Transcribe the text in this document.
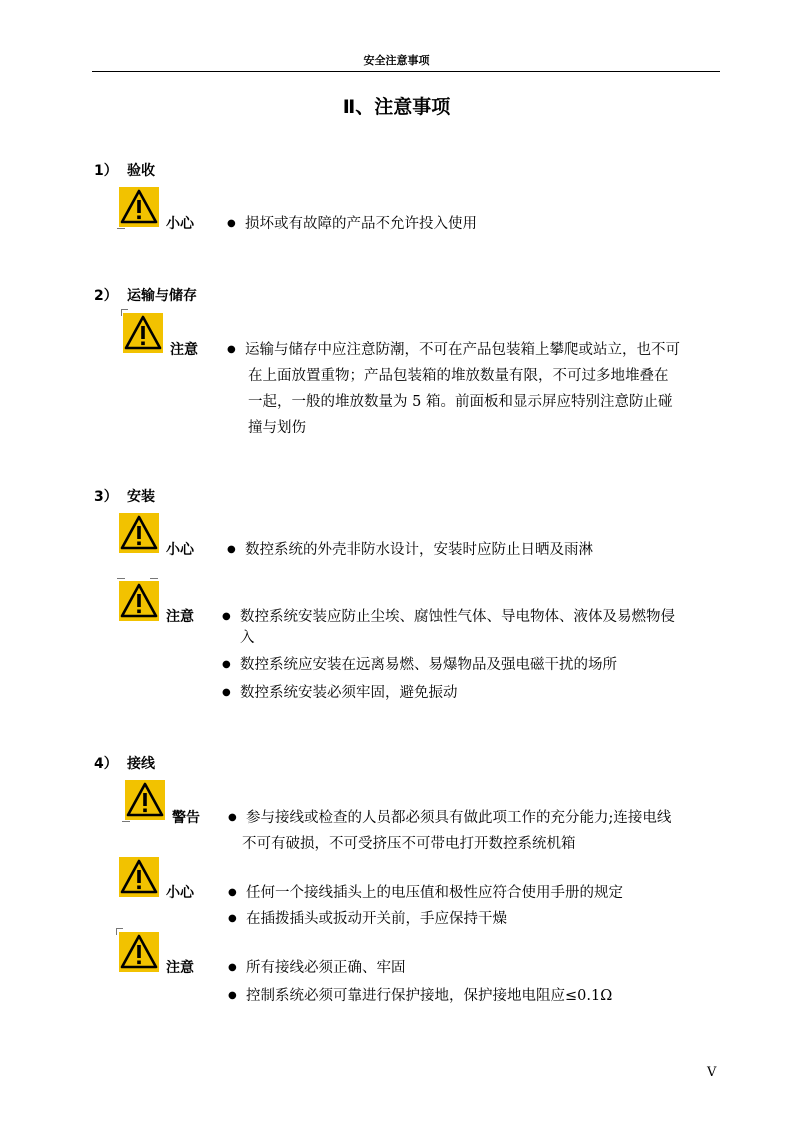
安全注意事项
Ⅱ、注意事项
1） 验收
小心	● 损坏或有故障的产品不允许投入使用
2） 运输与储存
注意	● 运输与储存中应注意防潮，不可在产品包装箱上攀爬或站立，也不可
在上面放置重物；产品包装箱的堆放数量有限，不可过多地堆叠在
一起，一般的堆放数量为 5 箱。前面板和显示屏应特别注意防止碰
撞与划伤
3） 安装
小心	● 数控系统的外壳非防水设计，安装时应防止日晒及雨淋
注意	● 数控系统安装应防止尘埃、腐蚀性气体、导电物体、液体及易燃物侵
入
● 数控系统应安装在远离易燃、易爆物品及强电磁干扰的场所
● 数控系统安装必须牢固，避免振动
4） 接线
警告	● 参与接线或检查的人员都必须具有做此项工作的充分能力;连接电线
不可有破损，不可受挤压不可带电打开数控系统机箱
小心	● 任何一个接线插头上的电压值和极性应符合使用手册的规定
● 在插拨插头或扳动开关前，手应保持干燥
注意	● 所有接线必须正确、牢固
● 控制系统必须可靠进行保护接地，保护接地电阻应≤0.1Ω
V
